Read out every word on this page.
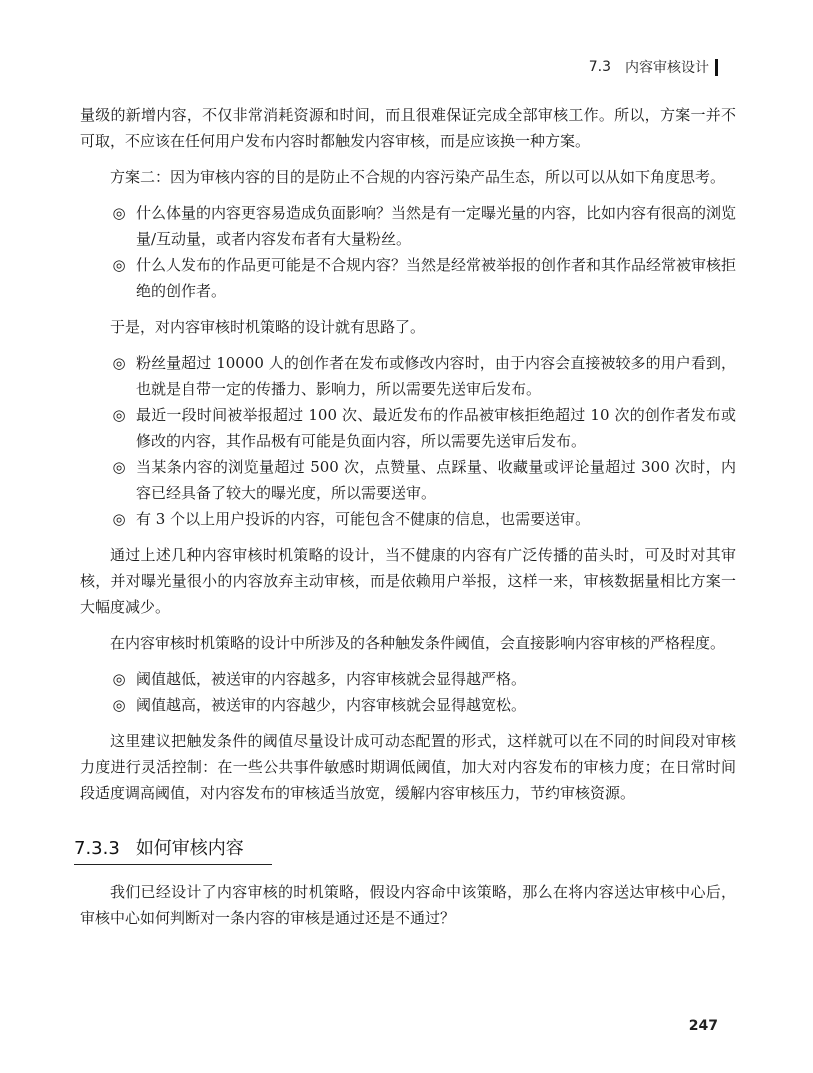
7.3 内容审核设计

量级的新增内容，不仅非常消耗资源和时间，而且很难保证完成全部审核工作。所以，方案一并不可取，不应该在任何用户发布内容时都触发内容审核，而是应该换一种方案。

方案二：因为审核内容的目的是防止不合规的内容污染产品生态，所以可以从如下角度思考。

◎ 什么体量的内容更容易造成负面影响？当然是有一定曝光量的内容，比如内容有很高的浏览量/互动量，或者内容发布者有大量粉丝。
◎ 什么人发布的作品更可能是不合规内容？当然是经常被举报的创作者和其作品经常被审核拒绝的创作者。

于是，对内容审核时机策略的设计就有思路了。

◎ 粉丝量超过 10000 人的创作者在发布或修改内容时，由于内容会直接被较多的用户看到，也就是自带一定的传播力、影响力，所以需要先送审后发布。
◎ 最近一段时间被举报超过 100 次、最近发布的作品被审核拒绝超过 10 次的创作者发布或修改的内容，其作品极有可能是负面内容，所以需要先送审后发布。
◎ 当某条内容的浏览量超过 500 次，点赞量、点踩量、收藏量或评论量超过 300 次时，内容已经具备了较大的曝光度，所以需要送审。
◎ 有 3 个以上用户投诉的内容，可能包含不健康的信息，也需要送审。

通过上述几种内容审核时机策略的设计，当不健康的内容有广泛传播的苗头时，可及时对其审核，并对曝光量很小的内容放弃主动审核，而是依赖用户举报，这样一来，审核数据量相比方案一大幅度减少。

在内容审核时机策略的设计中所涉及的各种触发条件阈值，会直接影响内容审核的严格程度。

◎ 阈值越低，被送审的内容越多，内容审核就会显得越严格。
◎ 阈值越高，被送审的内容越少，内容审核就会显得越宽松。

这里建议把触发条件的阈值尽量设计成可动态配置的形式，这样就可以在不同的时间段对审核力度进行灵活控制：在一些公共事件敏感时期调低阈值，加大对内容发布的审核力度；在日常时间段适度调高阈值，对内容发布的审核适当放宽，缓解内容审核压力，节约审核资源。

7.3.3 如何审核内容

我们已经设计了内容审核的时机策略，假设内容命中该策略，那么在将内容送达审核中心后，审核中心如何判断对一条内容的审核是通过还是不通过？

247
